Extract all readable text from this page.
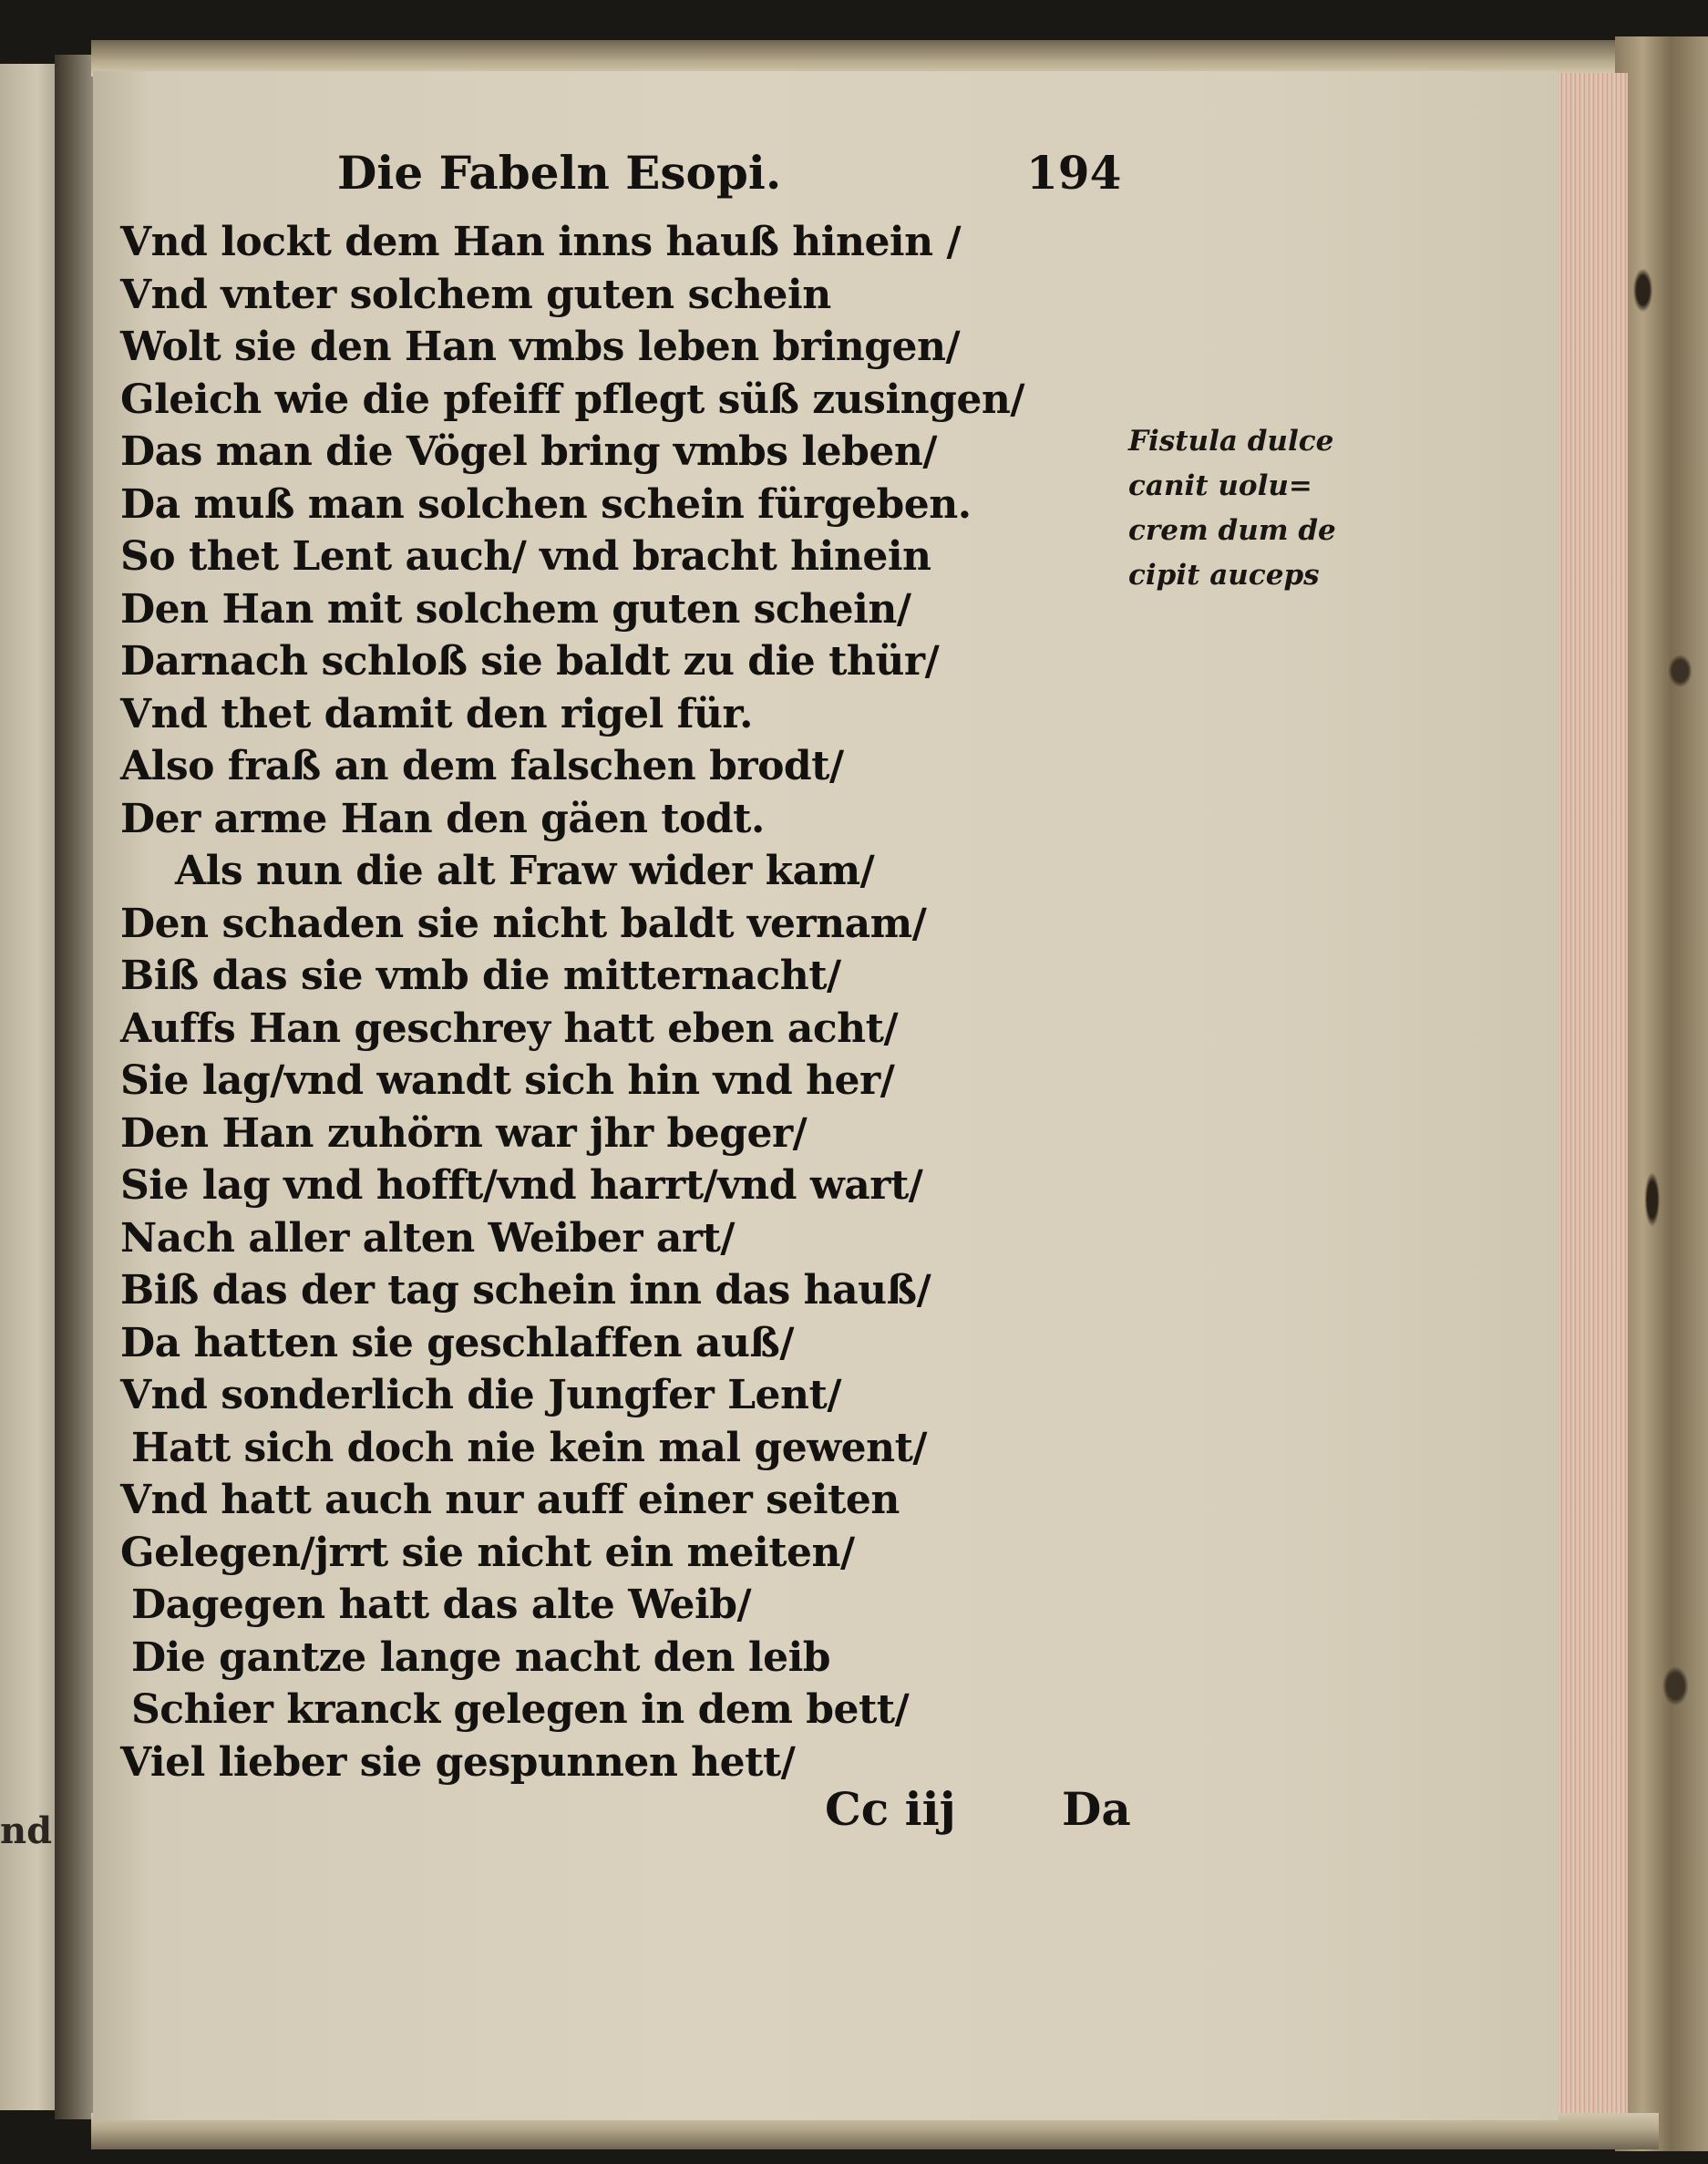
nd
Die Fabeln Esopi.	194
Vnd lockt dem Han inns hauß hinein /
Vnd vnter solchem guten schein
Wolt sie den Han vmbs leben bringen/
Gleich wie die pfeiff pflegt süß zusingen/
Das man die Vögel bring vmbs leben/
Da muß man solchen schein fürgeben.
So thet Lent auch/ vnd bracht hinein
Den Han mit solchem guten schein/
Darnach schloß sie baldt zu die thür/
Vnd thet damit den rigel für.
Also fraß an dem falschen brodt/
Der arme Han den gäen todt.
Als nun die alt Fraw wider kam/
Den schaden sie nicht baldt vernam/
Biß das sie vmb die mitternacht/
Auffs Han geschrey hatt eben acht/
Sie lag/vnd wandt sich hin vnd her/
Den Han zuhörn war jhr beger/
Sie lag vnd hofft/vnd harrt/vnd wart/
Nach aller alten Weiber art/
Biß das der tag schein inn das hauß/
Da hatten sie geschlaffen auß/
Vnd sonderlich die Jungfer Lent/
Hatt sich doch nie kein mal gewent/
Vnd hatt auch nur auff einer seiten
Gelegen/jrrt sie nicht ein meiten/
Dagegen hatt das alte Weib/
Die gantze lange nacht den leib
Schier kranck gelegen in dem bett/
Viel lieber sie gespunnen hett/
Fistula dulce
canit uolu=
crem dum de
cipit auceps
Cc iij Da
